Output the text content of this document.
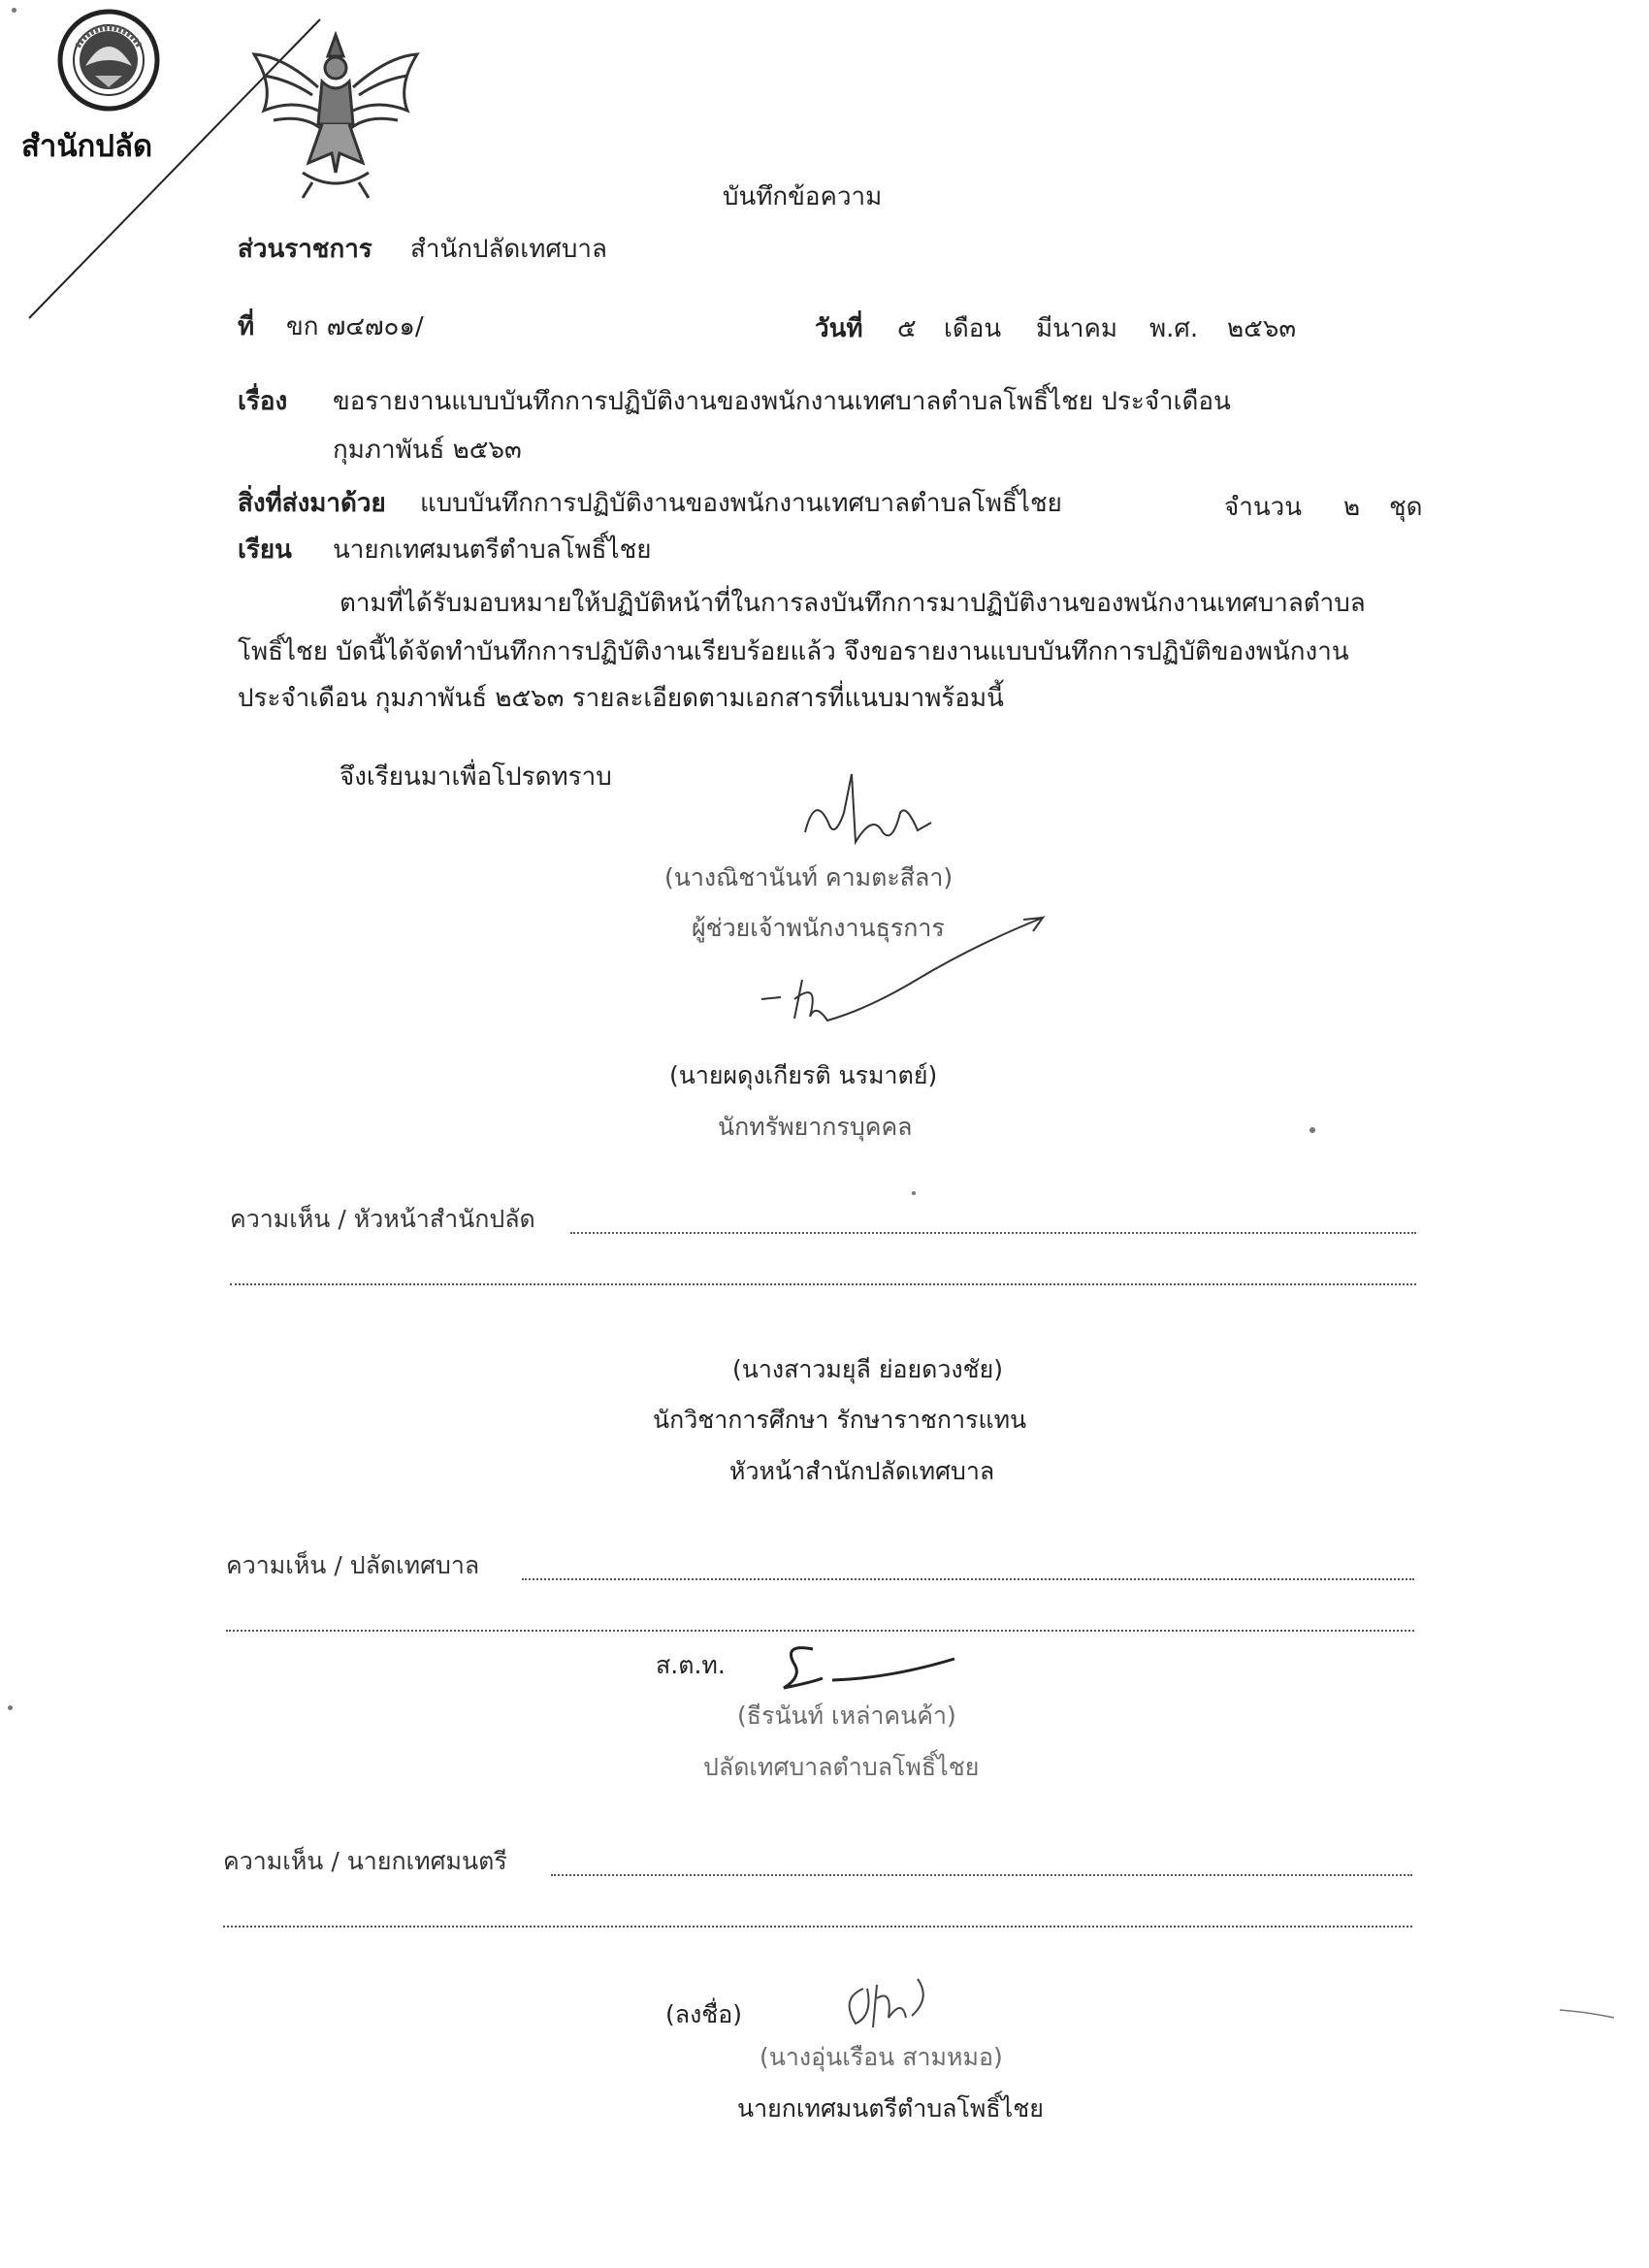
สำนักปลัด
บันทึกข้อความ
ส่วนราชการ สำนักปลัดเทศบาล
ที่ ขก ๗๔๗๐๑/	วันที่ ๕ เดือน มีนาคม พ.ศ. ๒๕๖๓
เรื่อง ขอรายงานแบบบันทึกการปฏิบัติงานของพนักงานเทศบาลตำบลโพธิ์ไชย ประจำเดือน
กุมภาพันธ์ ๒๕๖๓
สิ่งที่ส่งมาด้วย แบบบันทึกการปฏิบัติงานของพนักงานเทศบาลตำบลโพธิ์ไชย	จำนวน ๒ ชุด
เรียน นายกเทศมนตรีตำบลโพธิ์ไชย
ตามที่ได้รับมอบหมายให้ปฏิบัติหน้าที่ในการลงบันทึกการมาปฏิบัติงานของพนักงานเทศบาลตำบล
โพธิ์ไชย บัดนี้ได้จัดทำบันทึกการปฏิบัติงานเรียบร้อยแล้ว จึงขอรายงานแบบบันทึกการปฏิบัติของพนักงาน
ประจำเดือน กุมภาพันธ์ ๒๕๖๓ รายละเอียดตามเอกสารที่แนบมาพร้อมนี้
จึงเรียนมาเพื่อโปรดทราบ
(นางณิชานันท์ คามตะสีลา)
ผู้ช่วยเจ้าพนักงานธุรการ
(นายผดุงเกียรติ นรมาตย์)
นักทรัพยากรบุคคล
ความเห็น / หัวหน้าสำนักปลัด
(นางสาวมยุลี ย่อยดวงชัย)
นักวิชาการศึกษา รักษาราชการแทน
หัวหน้าสำนักปลัดเทศบาล
ความเห็น / ปลัดเทศบาล
ส.ต.ท.
(ธีรนันท์ เหล่าคนค้า)
ปลัดเทศบาลตำบลโพธิ์ไชย
ความเห็น / นายกเทศมนตรี
(ลงชื่อ)
(นางอุ่นเรือน สามหมอ)
นายกเทศมนตรีตำบลโพธิ์ไชย
